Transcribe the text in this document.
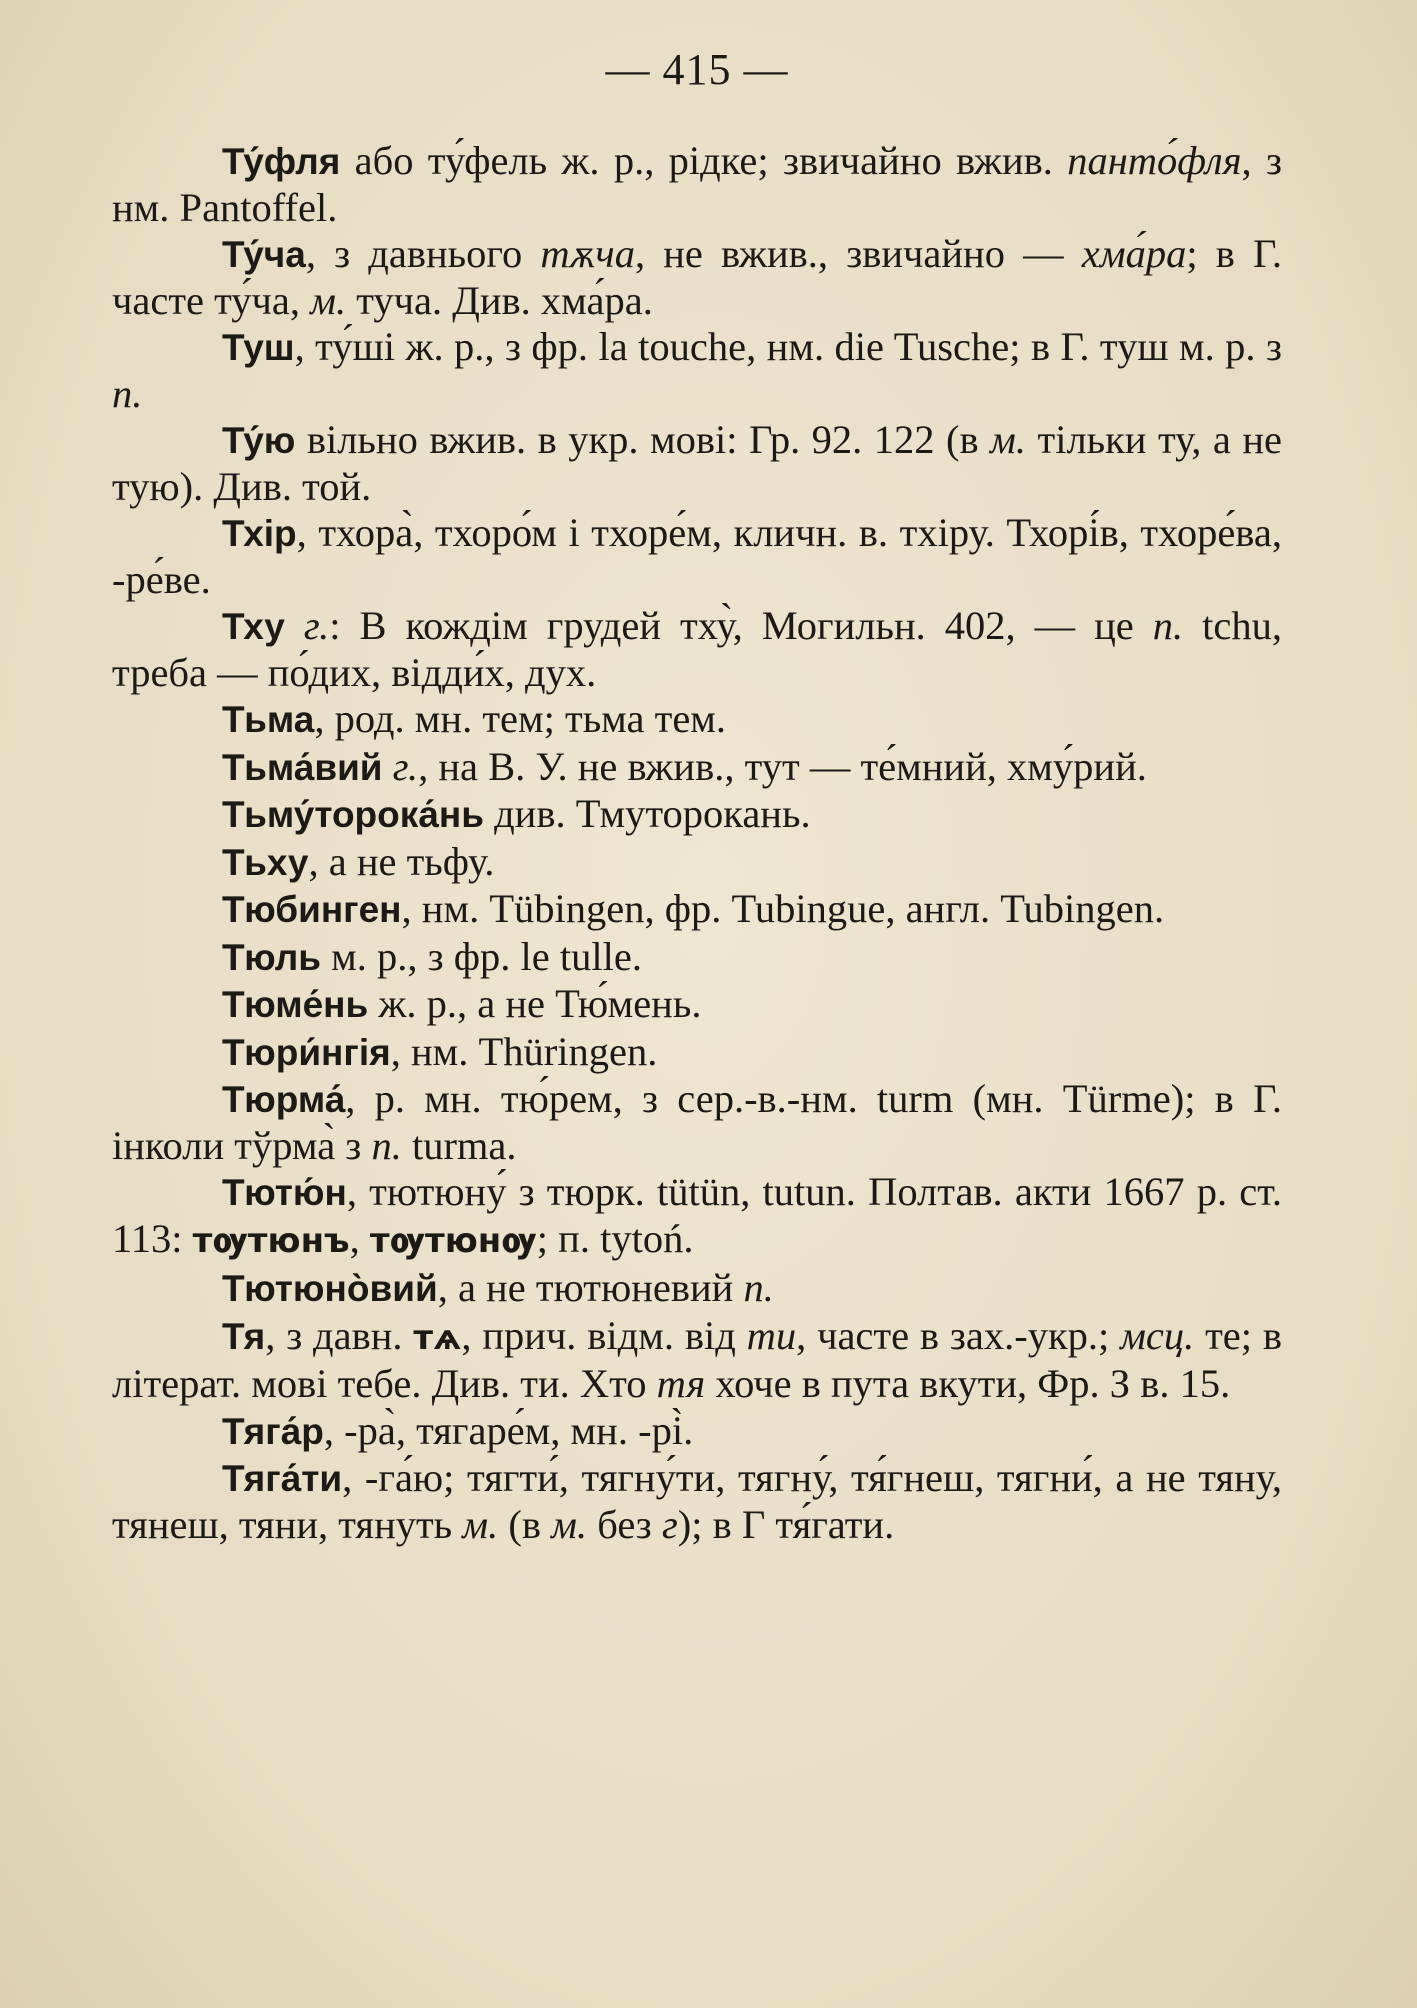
— 415 —

Ту́фля або ту́фель ж. р., рідке; звичайно вжив. панто́фля, з нм. Pantoffel.

Ту́ча, з давнього тѫча, не вжив., звичайно — хма́ра; в Г. часте ту́ча, м. туча. Див. хма́ра.

Туш, ту́ші ж. р., з фр. la touche, нм. die Tusche; в Г. туш м. р. з п.

Ту́ю вільно вжив. в укр. мові: Гр. 92. 122 (в м. тільки ту, а не тую). Див. той.

Тхір, тхора̀, тхоро́м і тхоре́м, кличн. в. тхіру. Тхорі́в, тхоре́ва, -ре́ве.

Тху г.: В кождім грудей тху̀, Могильн. 402, — це п. tchu, треба — по́дих, відди́х, дух.

Тьма, род. мн. тем; тьма тем.

Тьма́вий г., на В. У. не вжив., тут — те́мний, хму́рий.

Тьму́торока́нь див. Тмуторокань.

Тьху, а не тьфу.

Тюбинген, нм. Tübingen, фр. Tubingue, англ. Tubingen.

Тюль м. р., з фр. le tulle.

Тюме́нь ж. р., а не Тю́мень.

Тюри́нгія, нм. Thüringen.

Тюрма́, р. мн. тю́рем, з сер.-в.-нм. turm (мн. Türme); в Г. інколи тўрма̀ з п. turma.

Тютю́н, тютюну́ з тюрк. tütün, tutun. Полтав. акти 1667 р. ст. 113: тѹтюнъ, тѹтюнѹ; п. tytoń.

Тютюно̀вий, а не тютюневий п.

Тя, з давн. тѧ, прич. відм. від ти, часте в зах.-укр.; мсц. те; в літерат. мові тебе. Див. ти. Хто тя хоче в пута вкути, Фр. З в. 15.

Тяга́р, -ра̀, тягаре́м, мн. -рі̀.

Тяга́ти, -га́ю; тягти́, тягну́ти, тягну́, тя́гнеш, тягни́, а не тяну, тянеш, тяни, тянуть м. (в м. без г); в Г тя́гати.
